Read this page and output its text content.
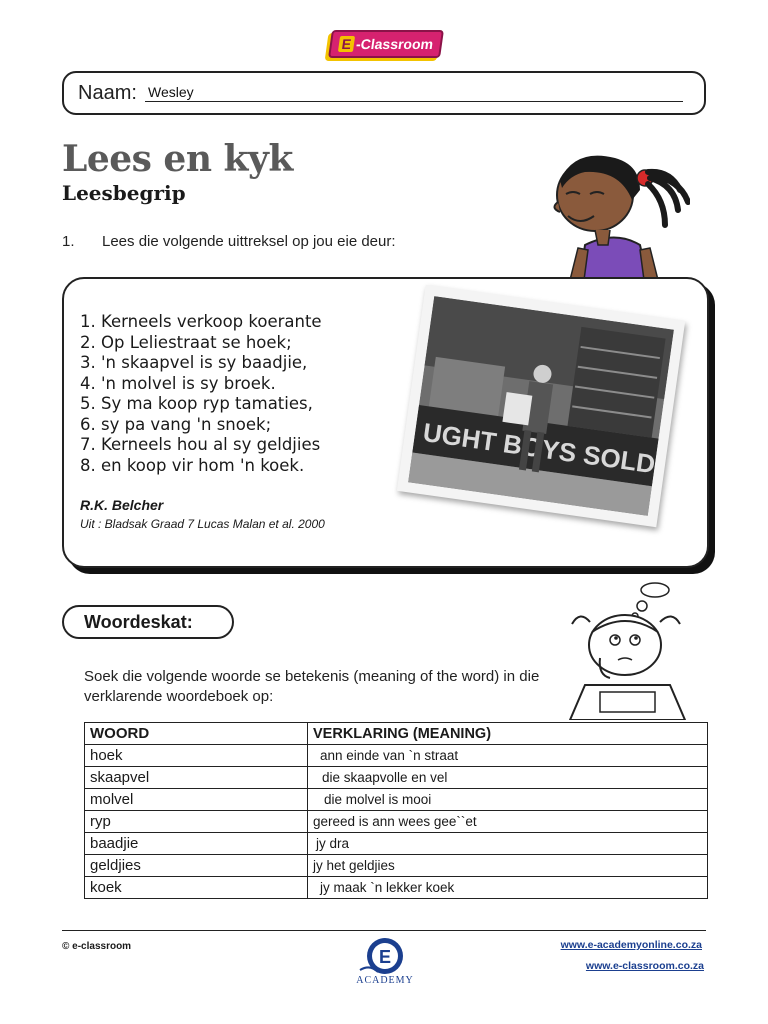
E -Classroom
Naam: Wesley
Lees en kyk
Leesbegrip
1. Lees die volgende uittreksel op jou eie deur:
1. Kerneels verkoop koerante
2. Op Leliestraat se hoek;
3. 'n skaapvel is sy baadjie,
4. 'n molvel is sy broek.
5. Sy ma koop ryp tamaties,
6. sy pa vang 'n snoek;
7. Kerneels hou al sy geldjies
8. en koop vir hom 'n koek.
R.K. Belcher
Uit : Bladsak Graad 7 Lucas Malan et al. 2000
UGHT SOLD
Woordeskat:
Soek die volgende woorde se betekenis (meaning of the word) in die verklarende woordeboek op:
WOORD	VERKLARING (MEANING)
hoek	ann einde van `n straat
skaapvel	die skaapvolle en vel
molvel	die molvel is mooi
ryp	gereed is ann wees gee``et
baadjie	jy dra
geldjies	jy het geldjies
koek	jy maak `n lekker koek
© e-classroom
E
ACADEMY
www.e-academyonline.co.za
www.e-classroom.co.za
